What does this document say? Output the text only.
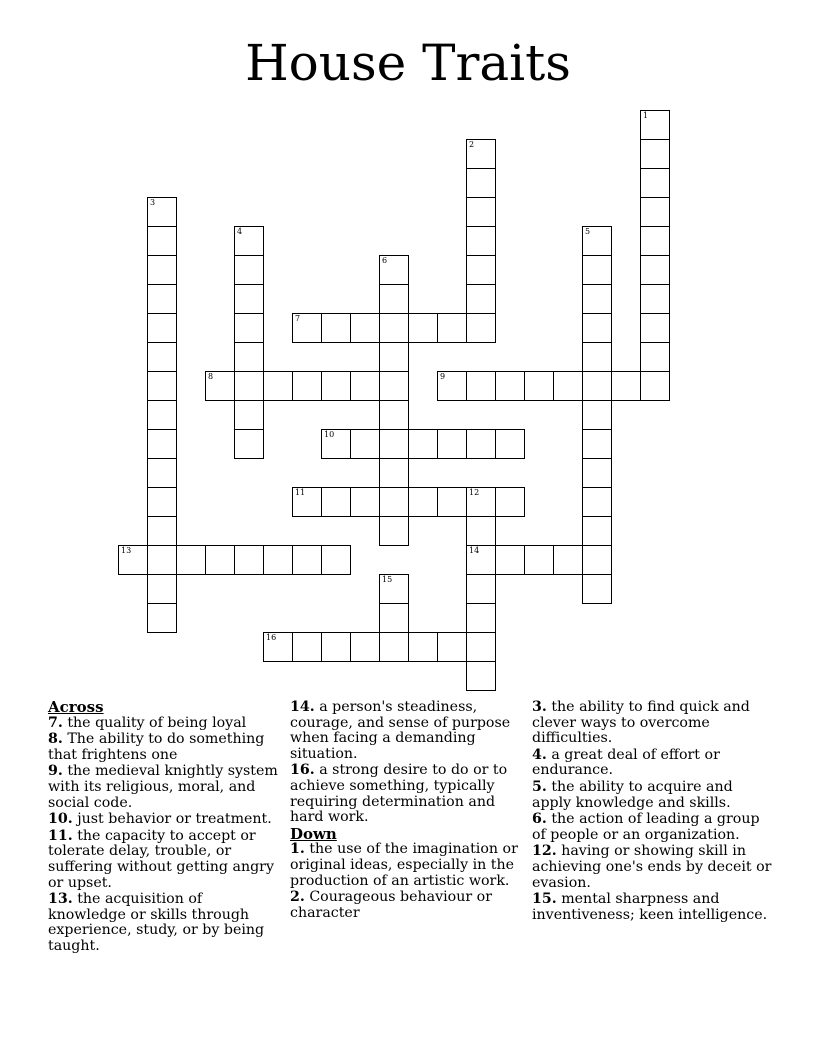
House Traits
1
2
3
4	5
6
7
8	9
10
11	12
14
13
15
16
Across
7. the quality of being loyal
8. The ability to do something that frightens one
9. the medieval knightly system with its religious, moral, and social code.
10. just behavior or treatment.
11. the capacity to accept or tolerate delay, trouble, or suffering without getting angry or upset.
13. the acquisition of knowledge or skills through experience, study, or by being taught.
14. a person's steadiness, courage, and sense of purpose when facing a demanding situation.
16. a strong desire to do or to achieve something, typically requiring determination and hard work.
Down
1. the use of the imagination or original ideas, especially in the production of an artistic work.
2. Courageous behaviour or character
3. the ability to find quick and clever ways to overcome difficulties.
4. a great deal of effort or endurance.
5. the ability to acquire and apply knowledge and skills.
6. the action of leading a group of people or an organization.
12. having or showing skill in achieving one's ends by deceit or evasion.
15. mental sharpness and inventiveness; keen intelligence.
